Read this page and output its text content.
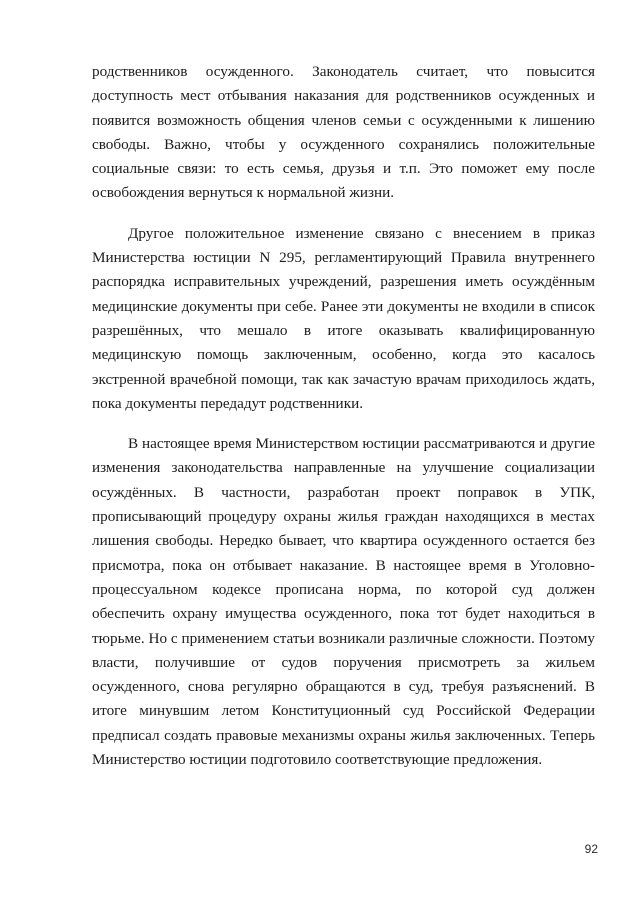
родственников осужденного. Законодатель считает, что повысится
доступность мест отбывания наказания для родственников осужденных и
появится возможность общения членов семьи с осужденными к лишению
свободы. Важно, чтобы у осужденного сохранялись положительные
социальные связи: то есть семья, друзья и т.п. Это поможет ему после
освобождения вернуться к нормальной жизни.

Другое положительное изменение связано с внесением в приказ
Министерства юстиции N 295, регламентирующий Правила внутреннего
распорядка исправительных учреждений, разрешения иметь осуждённым
медицинские документы при себе. Ранее эти документы не входили в список
разрешённых, что мешало в итоге оказывать квалифицированную
медицинскую помощь заключенным, особенно, когда это касалось
экстренной врачебной помощи, так как зачастую врачам приходилось ждать,
пока документы передадут родственники.

В настоящее время Министерством юстиции рассматриваются и другие
изменения законодательства направленные на улучшение социализации
осуждённых. В частности, разработан проект поправок в УПК,
прописывающий процедуру охраны жилья граждан находящихся в местах
лишения свободы. Нередко бывает, что квартира осужденного остается без
присмотра, пока он отбывает наказание. В настоящее время в Уголовно-
процессуальном кодексе прописана норма, по которой суд должен
обеспечить охрану имущества осужденного, пока тот будет находиться в
тюрьме. Но с применением статьи возникали различные сложности. Поэтому
власти, получившие от судов поручения присмотреть за жильем
осужденного, снова регулярно обращаются в суд, требуя разъяснений. В
итоге минувшим летом Конституционный суд Российской Федерации
предписал создать правовые механизмы охраны жилья заключенных. Теперь
Министерство юстиции подготовило соответствующие предложения.

92
